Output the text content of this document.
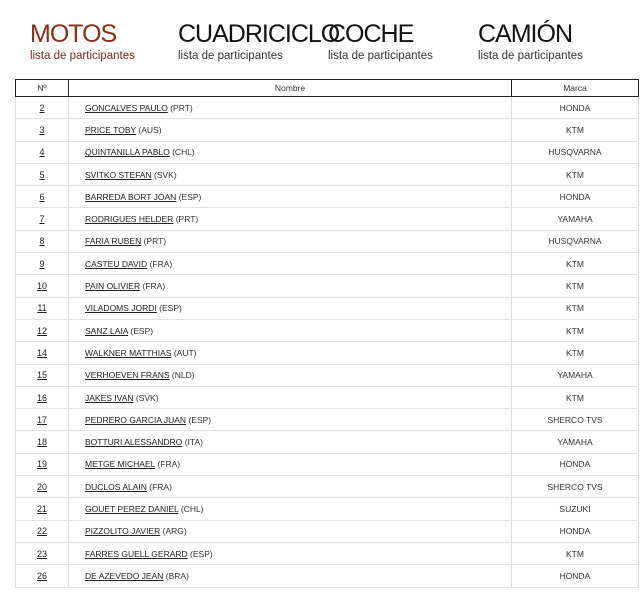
MOTOS
lista de participantes
CUADRICICLO
lista de participantes
COCHE
lista de participantes
CAMIÓN
lista de participantes
Nº	Nombre	Marca
2	GONCALVES PAULO (PRT)	HONDA
3	PRICE TOBY (AUS)	KTM
4	QUINTANILLA PABLO (CHL)	HUSQVARNA
5	SVITKO STEFAN (SVK)	KTM
6	BARREDA BORT JOAN (ESP)	HONDA
7	RODRIGUES HELDER (PRT)	YAMAHA
8	FARIA RUBEN (PRT)	HUSQVARNA
9	CASTEU DAVID (FRA)	KTM
10	PAIN OLIVIER (FRA)	KTM
11	VILADOMS JORDI (ESP)	KTM
12	SANZ LAIA (ESP)	KTM
14	WALKNER MATTHIAS (AUT)	KTM
15	VERHOEVEN FRANS (NLD)	YAMAHA
16	JAKES IVAN (SVK)	KTM
17	PEDRERO GARCIA JUAN (ESP)	SHERCO TVS
18	BOTTURI ALESSANDRO (ITA)	YAMAHA
19	METGE MICHAEL (FRA)	HONDA
20	DUCLOS ALAIN (FRA)	SHERCO TVS
21	GOUET PEREZ DANIEL (CHL)	SUZUKI
22	PIZZOLITO JAVIER (ARG)	HONDA
23	FARRES GUELL GERARD (ESP)	KTM
26	DE AZEVEDO JEAN (BRA)	HONDA
